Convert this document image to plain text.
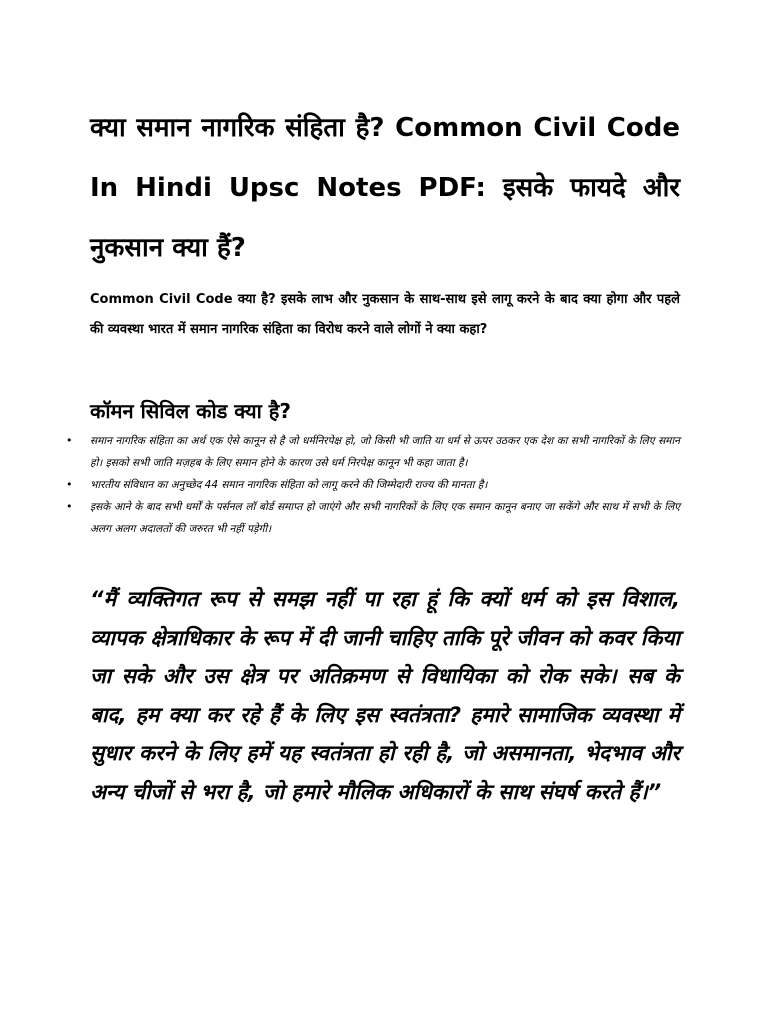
क्या समान नागरिक संहिता है? Common Civil Code In Hindi Upsc Notes PDF: इसके फायदे और नुकसान क्या हैं?

Common Civil Code क्या है? इसके लाभ और नुकसान के साथ-साथ इसे लागू करने के बाद क्या होगा और पहले की व्यवस्था भारत में समान नागरिक संहिता का विरोध करने वाले लोगों ने क्या कहा?

कॉमन सिविल कोड क्या है?
• समान नागरिक संहिता का अर्थ एक ऐसे कानून से है जो धर्मनिरपेक्ष हो, जो किसी भी जाति या धर्म से ऊपर उठकर एक देश का सभी नागरिकों के लिए समान हो। इसको सभी जाति मज़हब के लिए समान होने के कारण उसे धर्म निरपेक्ष कानून भी कहा जाता है।
• भारतीय संविधान का अनुच्छेद 44 समान नागरिक संहिता को लागू करने की जिम्मेदारी राज्य की मानता है।
• इसके आने के बाद सभी धर्मों के पर्सनल लॉ बोर्ड समाप्त हो जाएंगे और सभी नागरिकों के लिए एक समान कानून बनाए जा सकेंगे और साथ में सभी के लिए अलग अलग अदालतों की जरुरत भी नहीं पड़ेगी।

“मैं व्यक्तिगत रूप से समझ नहीं पा रहा हूं कि क्यों धर्म को इस विशाल, व्यापक क्षेत्राधिकार के रूप में दी जानी चाहिए ताकि पूरे जीवन को कवर किया जा सके और उस क्षेत्र पर अतिक्रमण से विधायिका को रोक सके। सब के बाद, हम क्या कर रहे हैं के लिए इस स्वतंत्रता? हमारे सामाजिक व्यवस्था में सुधार करने के लिए हमें यह स्वतंत्रता हो रही है, जो असमानता, भेदभाव और अन्य चीजों से भरा है, जो हमारे मौलिक अधिकारों के साथ संघर्ष करते हैं।”
